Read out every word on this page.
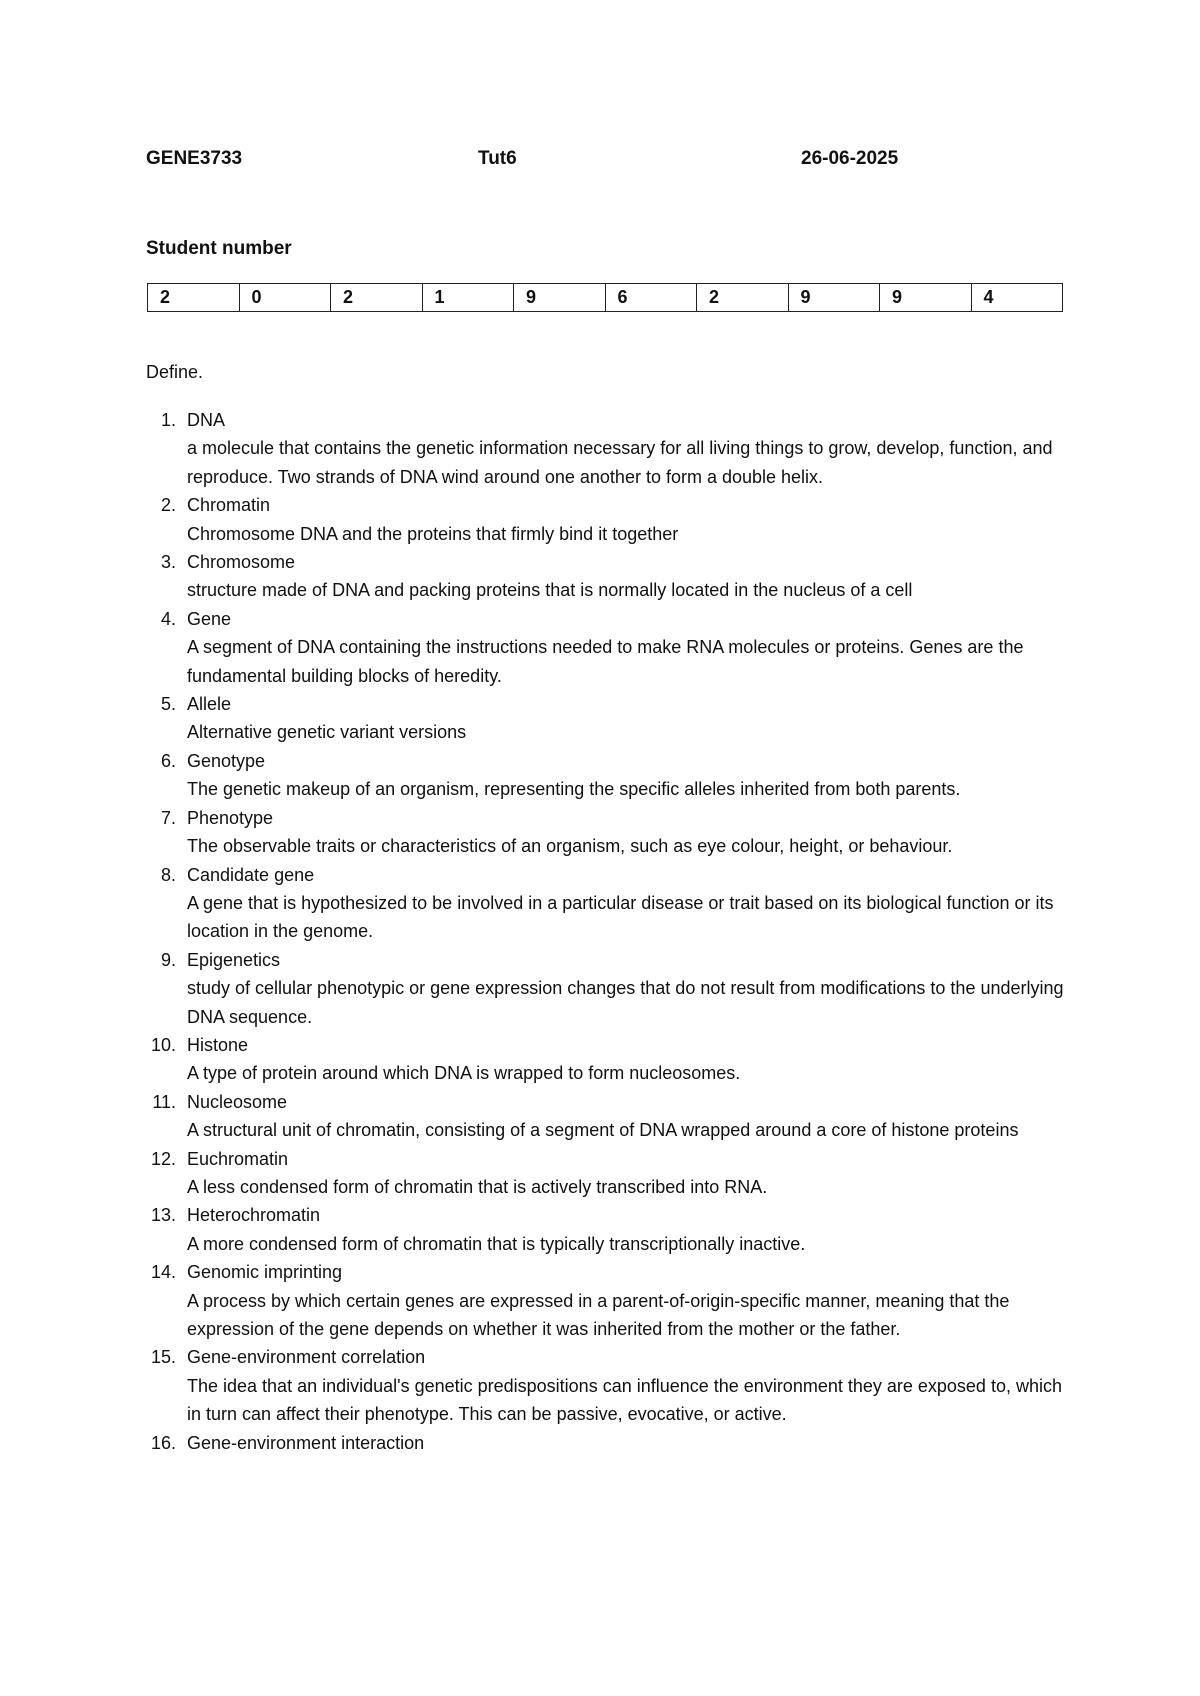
GENE3733	Tut6	26-06-2025
Student number
2	0	2	1	9	6	2	9	9	4
Define.
1. DNA
a molecule that contains the genetic information necessary for all living things to grow, develop, function, and reproduce. Two strands of DNA wind around one another to form a double helix.
2. Chromatin
Chromosome DNA and the proteins that firmly bind it together
3. Chromosome
structure made of DNA and packing proteins that is normally located in the nucleus of a cell
4. Gene
A segment of DNA containing the instructions needed to make RNA molecules or proteins. Genes are the fundamental building blocks of heredity.
5. Allele
Alternative genetic variant versions
6. Genotype
The genetic makeup of an organism, representing the specific alleles inherited from both parents.
7. Phenotype
The observable traits or characteristics of an organism, such as eye colour, height, or behaviour.
8. Candidate gene
A gene that is hypothesized to be involved in a particular disease or trait based on its biological function or its location in the genome.
9. Epigenetics
study of cellular phenotypic or gene expression changes that do not result from modifications to the underlying DNA sequence.
10. Histone
A type of protein around which DNA is wrapped to form nucleosomes.
11. Nucleosome
A structural unit of chromatin, consisting of a segment of DNA wrapped around a core of histone proteins
12. Euchromatin
A less condensed form of chromatin that is actively transcribed into RNA.
13. Heterochromatin
A more condensed form of chromatin that is typically transcriptionally inactive.
14. Genomic imprinting
A process by which certain genes are expressed in a parent-of-origin-specific manner, meaning that the expression of the gene depends on whether it was inherited from the mother or the father.
15. Gene-environment correlation
The idea that an individual's genetic predispositions can influence the environment they are exposed to, which in turn can affect their phenotype. This can be passive, evocative, or active.
16. Gene-environment interaction
